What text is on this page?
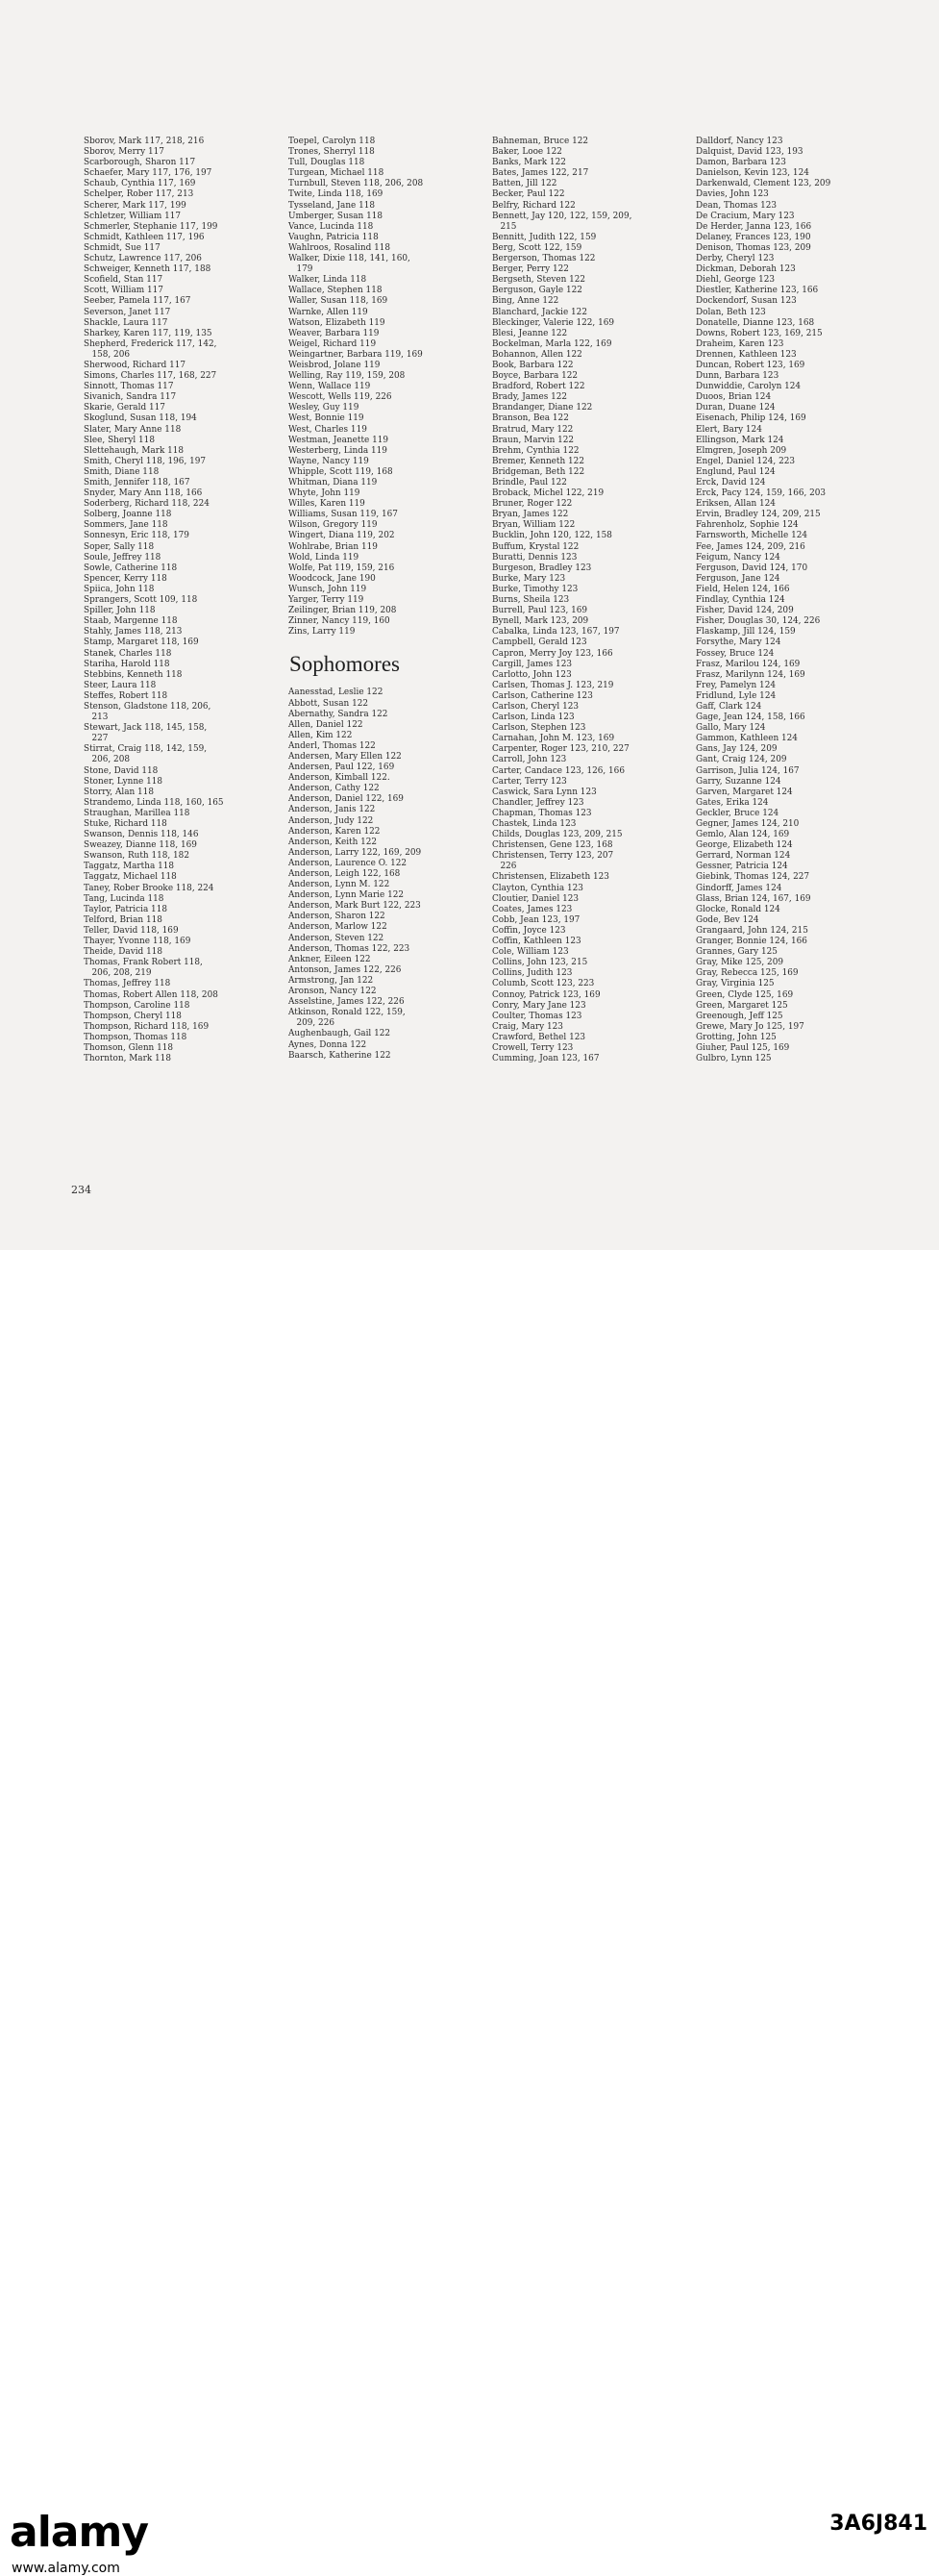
Sborov, Mark 117, 218, 216
Sborov, Merry 117
Scarborough, Sharon 117
Schaefer, Mary 117, 176, 197
Schaub, Cynthia 117, 169
Schelper, Rober 117, 213
Scherer, Mark 117, 199
Schletzer, William 117
Schmerler, Stephanie 117, 199
Schmidt, Kathleen 117, 196
Schmidt, Sue 117
Schutz, Lawrence 117, 206
Schweiger, Kenneth 117, 188
Scofield, Stan 117
Scott, William 117
Seeber, Pamela 117, 167
Severson, Janet 117
Shackle, Laura 117
Sharkey, Karen 117, 119, 135
Shepherd, Frederick 117, 142,
158, 206
Sherwood, Richard 117
Simons, Charles 117, 168, 227
Sinnott, Thomas 117
Sivanich, Sandra 117
Skarie, Gerald 117
Skoglund, Susan 118, 194
Slater, Mary Anne 118
Slee, Sheryl 118
Slettehaugh, Mark 118
Smith, Cheryl 118, 196, 197
Smith, Diane 118
Smith, Jennifer 118, 167
Snyder, Mary Ann 118, 166
Soderberg, Richard 118, 224
Solberg, Joanne 118
Sommers, Jane 118
Sonnesyn, Eric 118, 179
Soper, Sally 118
Soule, Jeffrey 118
Sowle, Catherine 118
Spencer, Kerry 118
Spiica, John 118
Sprangers, Scott 109, 118
Spiller, John 118
Staab, Margenne 118
Stahly, James 118, 213
Stamp, Margaret 118, 169
Stanek, Charles 118
Stariha, Harold 118
Stebbins, Kenneth 118
Steer, Laura 118
Steffes, Robert 118
Stenson, Gladstone 118, 206,
213
Stewart, Jack 118, 145, 158,
227
Stirrat, Craig 118, 142, 159,
206, 208
Stone, David 118
Stoner, Lynne 118
Storry, Alan 118
Strandemo, Linda 118, 160, 165
Straughan, Marillea 118
Stuke, Richard 118
Swanson, Dennis 118, 146
Sweazey, Dianne 118, 169
Swanson, Ruth 118, 182
Taggatz, Martha 118
Taggatz, Michael 118
Taney, Rober Brooke 118, 224
Tang, Lucinda 118
Taylor, Patricia 118
Telford, Brian 118
Teller, David 118, 169
Thayer, Yvonne 118, 169
Theide, David 118
Thomas, Frank Robert 118,
206, 208, 219
Thomas, Jeffrey 118
Thomas, Robert Allen 118, 208
Thompson, Caroline 118
Thompson, Cheryl 118
Thompson, Richard 118, 169
Thompson, Thomas 118
Thomson, Glenn 118
Thornton, Mark 118
Toepel, Carolyn 118
Trones, Sherryl 118
Tull, Douglas 118
Turgean, Michael 118
Turnbull, Steven 118, 206, 208
Twite, Linda 118, 169
Tysseland, Jane 118
Umberger, Susan 118
Vance, Lucinda 118
Vaughn, Patricia 118
Wahlroos, Rosalind 118
Walker, Dixie 118, 141, 160,
179
Walker, Linda 118
Wallace, Stephen 118
Waller, Susan 118, 169
Warnke, Allen 119
Watson, Elizabeth 119
Weaver, Barbara 119
Weigel, Richard 119
Weingartner, Barbara 119, 169
Weisbrod, Jolane 119
Welling, Ray 119, 159, 208
Wenn, Wallace 119
Wescott, Wells 119, 226
Wesley, Guy 119
West, Bonnie 119
West, Charles 119
Westman, Jeanette 119
Westerberg, Linda 119
Wayne, Nancy 119
Whipple, Scott 119, 168
Whitman, Diana 119
Whyte, John 119
Willes, Karen 119
Williams, Susan 119, 167
Wilson, Gregory 119
Wingert, Diana 119, 202
Wohlrabe, Brian 119
Wold, Linda 119
Wolfe, Pat 119, 159, 216
Woodcock, Jane 190
Wunsch, John 119
Yarger, Terry 119
Zeilinger, Brian 119, 208
Zinner, Nancy 119, 160
Zins, Larry 119
Sophomores
Aanesstad, Leslie 122
Abbott, Susan 122
Abernathy, Sandra 122
Allen, Daniel 122
Allen, Kim 122
Anderl, Thomas 122
Andersen, Mary Ellen 122
Andersen, Paul 122, 169
Anderson, Kimball 122.
Anderson, Cathy 122
Anderson, Daniel 122, 169
Anderson, Janis 122
Anderson, Judy 122
Anderson, Karen 122
Anderson, Keith 122
Anderson, Larry 122, 169, 209
Anderson, Laurence O. 122
Anderson, Leigh 122, 168
Anderson, Lynn M. 122
Anderson, Lynn Marie 122
Anderson, Mark Burt 122, 223
Anderson, Sharon 122
Anderson, Marlow 122
Anderson, Steven 122
Anderson, Thomas 122, 223
Ankner, Eileen 122
Antonson, James 122, 226
Armstrong, Jan 122
Aronson, Nancy 122
Asselstine, James 122, 226
Atkinson, Ronald 122, 159,
209, 226
Aughenbaugh, Gail 122
Aynes, Donna 122
Baarsch, Katherine 122
Bahneman, Bruce 122
Baker, Looe 122
Banks, Mark 122
Bates, James 122, 217
Batten, Jill 122
Becker, Paul 122
Belfry, Richard 122
Bennett, Jay 120, 122, 159, 209,
215
Bennitt, Judith 122, 159
Berg, Scott 122, 159
Bergerson, Thomas 122
Berger, Perry 122
Bergseth, Steven 122
Berguson, Gayle 122
Bing, Anne 122
Blanchard, Jackie 122
Bleckinger, Valerie 122, 169
Blesi, Jeanne 122
Bockelman, Marla 122, 169
Bohannon, Allen 122
Book, Barbara 122
Boyce, Barbara 122
Bradford, Robert 122
Brady, James 122
Brandanger, Diane 122
Branson, Bea 122
Bratrud, Mary 122
Braun, Marvin 122
Brehm, Cynthia 122
Bremer, Kenneth 122
Bridgeman, Beth 122
Brindle, Paul 122
Broback, Michel 122, 219
Bruner, Roger 122
Bryan, James 122
Bryan, William 122
Bucklin, John 120, 122, 158
Buffum, Krystal 122
Buratti, Dennis 123
Burgeson, Bradley 123
Burke, Mary 123
Burke, Timothy 123
Burns, Sheila 123
Burrell, Paul 123, 169
Bynell, Mark 123, 209
Cabalka, Linda 123, 167, 197
Campbell, Gerald 123
Capron, Merry Joy 123, 166
Cargill, James 123
Carlotto, John 123
Carlsen, Thomas J. 123, 219
Carlson, Catherine 123
Carlson, Cheryl 123
Carlson, Linda 123
Carlson, Stephen 123
Carnahan, John M. 123, 169
Carpenter, Roger 123, 210, 227
Carroll, John 123
Carter, Candace 123, 126, 166
Carter, Terry 123
Caswick, Sara Lynn 123
Chandler, Jeffrey 123
Chapman, Thomas 123
Chastek, Linda 123
Childs, Douglas 123, 209, 215
Christensen, Gene 123, 168
Christensen, Terry 123, 207
226
Christensen, Elizabeth 123
Clayton, Cynthia 123
Cloutier, Daniel 123
Coates, James 123
Cobb, Jean 123, 197
Coffin, Joyce 123
Coffin, Kathleen 123
Cole, William 123
Collins, John 123, 215
Collins, Judith 123
Columb, Scott 123, 223
Connoy, Patrick 123, 169
Conry, Mary Jane 123
Coulter, Thomas 123
Craig, Mary 123
Crawford, Bethel 123
Crowell, Terry 123
Cumming, Joan 123, 167
Dalldorf, Nancy 123
Dalquist, David 123, 193
Damon, Barbara 123
Danielson, Kevin 123, 124
Darkenwald, Clement 123, 209
Davies, John 123
Dean, Thomas 123
De Cracium, Mary 123
De Herder, Janna 123, 166
Delaney, Frances 123, 190
Denison, Thomas 123, 209
Derby, Cheryl 123
Dickman, Deborah 123
Diehl, George 123
Diestler, Katherine 123, 166
Dockendorf, Susan 123
Dolan, Beth 123
Donatelle, Dianne 123, 168
Downs, Robert 123, 169, 215
Draheim, Karen 123
Drennen, Kathleen 123
Duncan, Robert 123, 169
Dunn, Barbara 123
Dunwiddie, Carolyn 124
Duoos, Brian 124
Duran, Duane 124
Eisenach, Philip 124, 169
Elert, Bary 124
Ellingson, Mark 124
Elmgren, Joseph 209
Engel, Daniel 124, 223
Englund, Paul 124
Erck, David 124
Erck, Pacy 124, 159, 166, 203
Eriksen, Allan 124
Ervin, Bradley 124, 209, 215
Fahrenholz, Sophie 124
Farnsworth, Michelle 124
Fee, James 124, 209, 216
Feigum, Nancy 124
Ferguson, David 124, 170
Ferguson, Jane 124
Field, Helen 124, 166
Findlay, Cynthia 124
Fisher, David 124, 209
Fisher, Douglas 30, 124, 226
Flaskamp, Jill 124, 159
Forsythe, Mary 124
Fossey, Bruce 124
Frasz, Marilou 124, 169
Frasz, Marilynn 124, 169
Frey, Pamelyn 124
Fridlund, Lyle 124
Gaff, Clark 124
Gage, Jean 124, 158, 166
Gallo, Mary 124
Gammon, Kathleen 124
Gans, Jay 124, 209
Gant, Craig 124, 209
Garrison, Julia 124, 167
Garry, Suzanne 124
Garven, Margaret 124
Gates, Erika 124
Geckler, Bruce 124
Gegner, James 124, 210
Gemlo, Alan 124, 169
George, Elizabeth 124
Gerrard, Norman 124
Gessner, Patricia 124
Giebink, Thomas 124, 227
Gindorff, James 124
Glass, Brian 124, 167, 169
Glocke, Ronald 124
Gode, Bev 124
Grangaard, John 124, 215
Granger, Bonnie 124, 166
Grannes, Gary 125
Gray, Mike 125, 209
Gray, Rebecca 125, 169
Gray, Virginia 125
Green, Clyde 125, 169
Green, Margaret 125
Greenough, Jeff 125
Grewe, Mary Jo 125, 197
Grotting, John 125
Giuher, Paul 125, 169
Gulbro, Lynn 125
234
alamy	3A6J841
www.alamy.com
